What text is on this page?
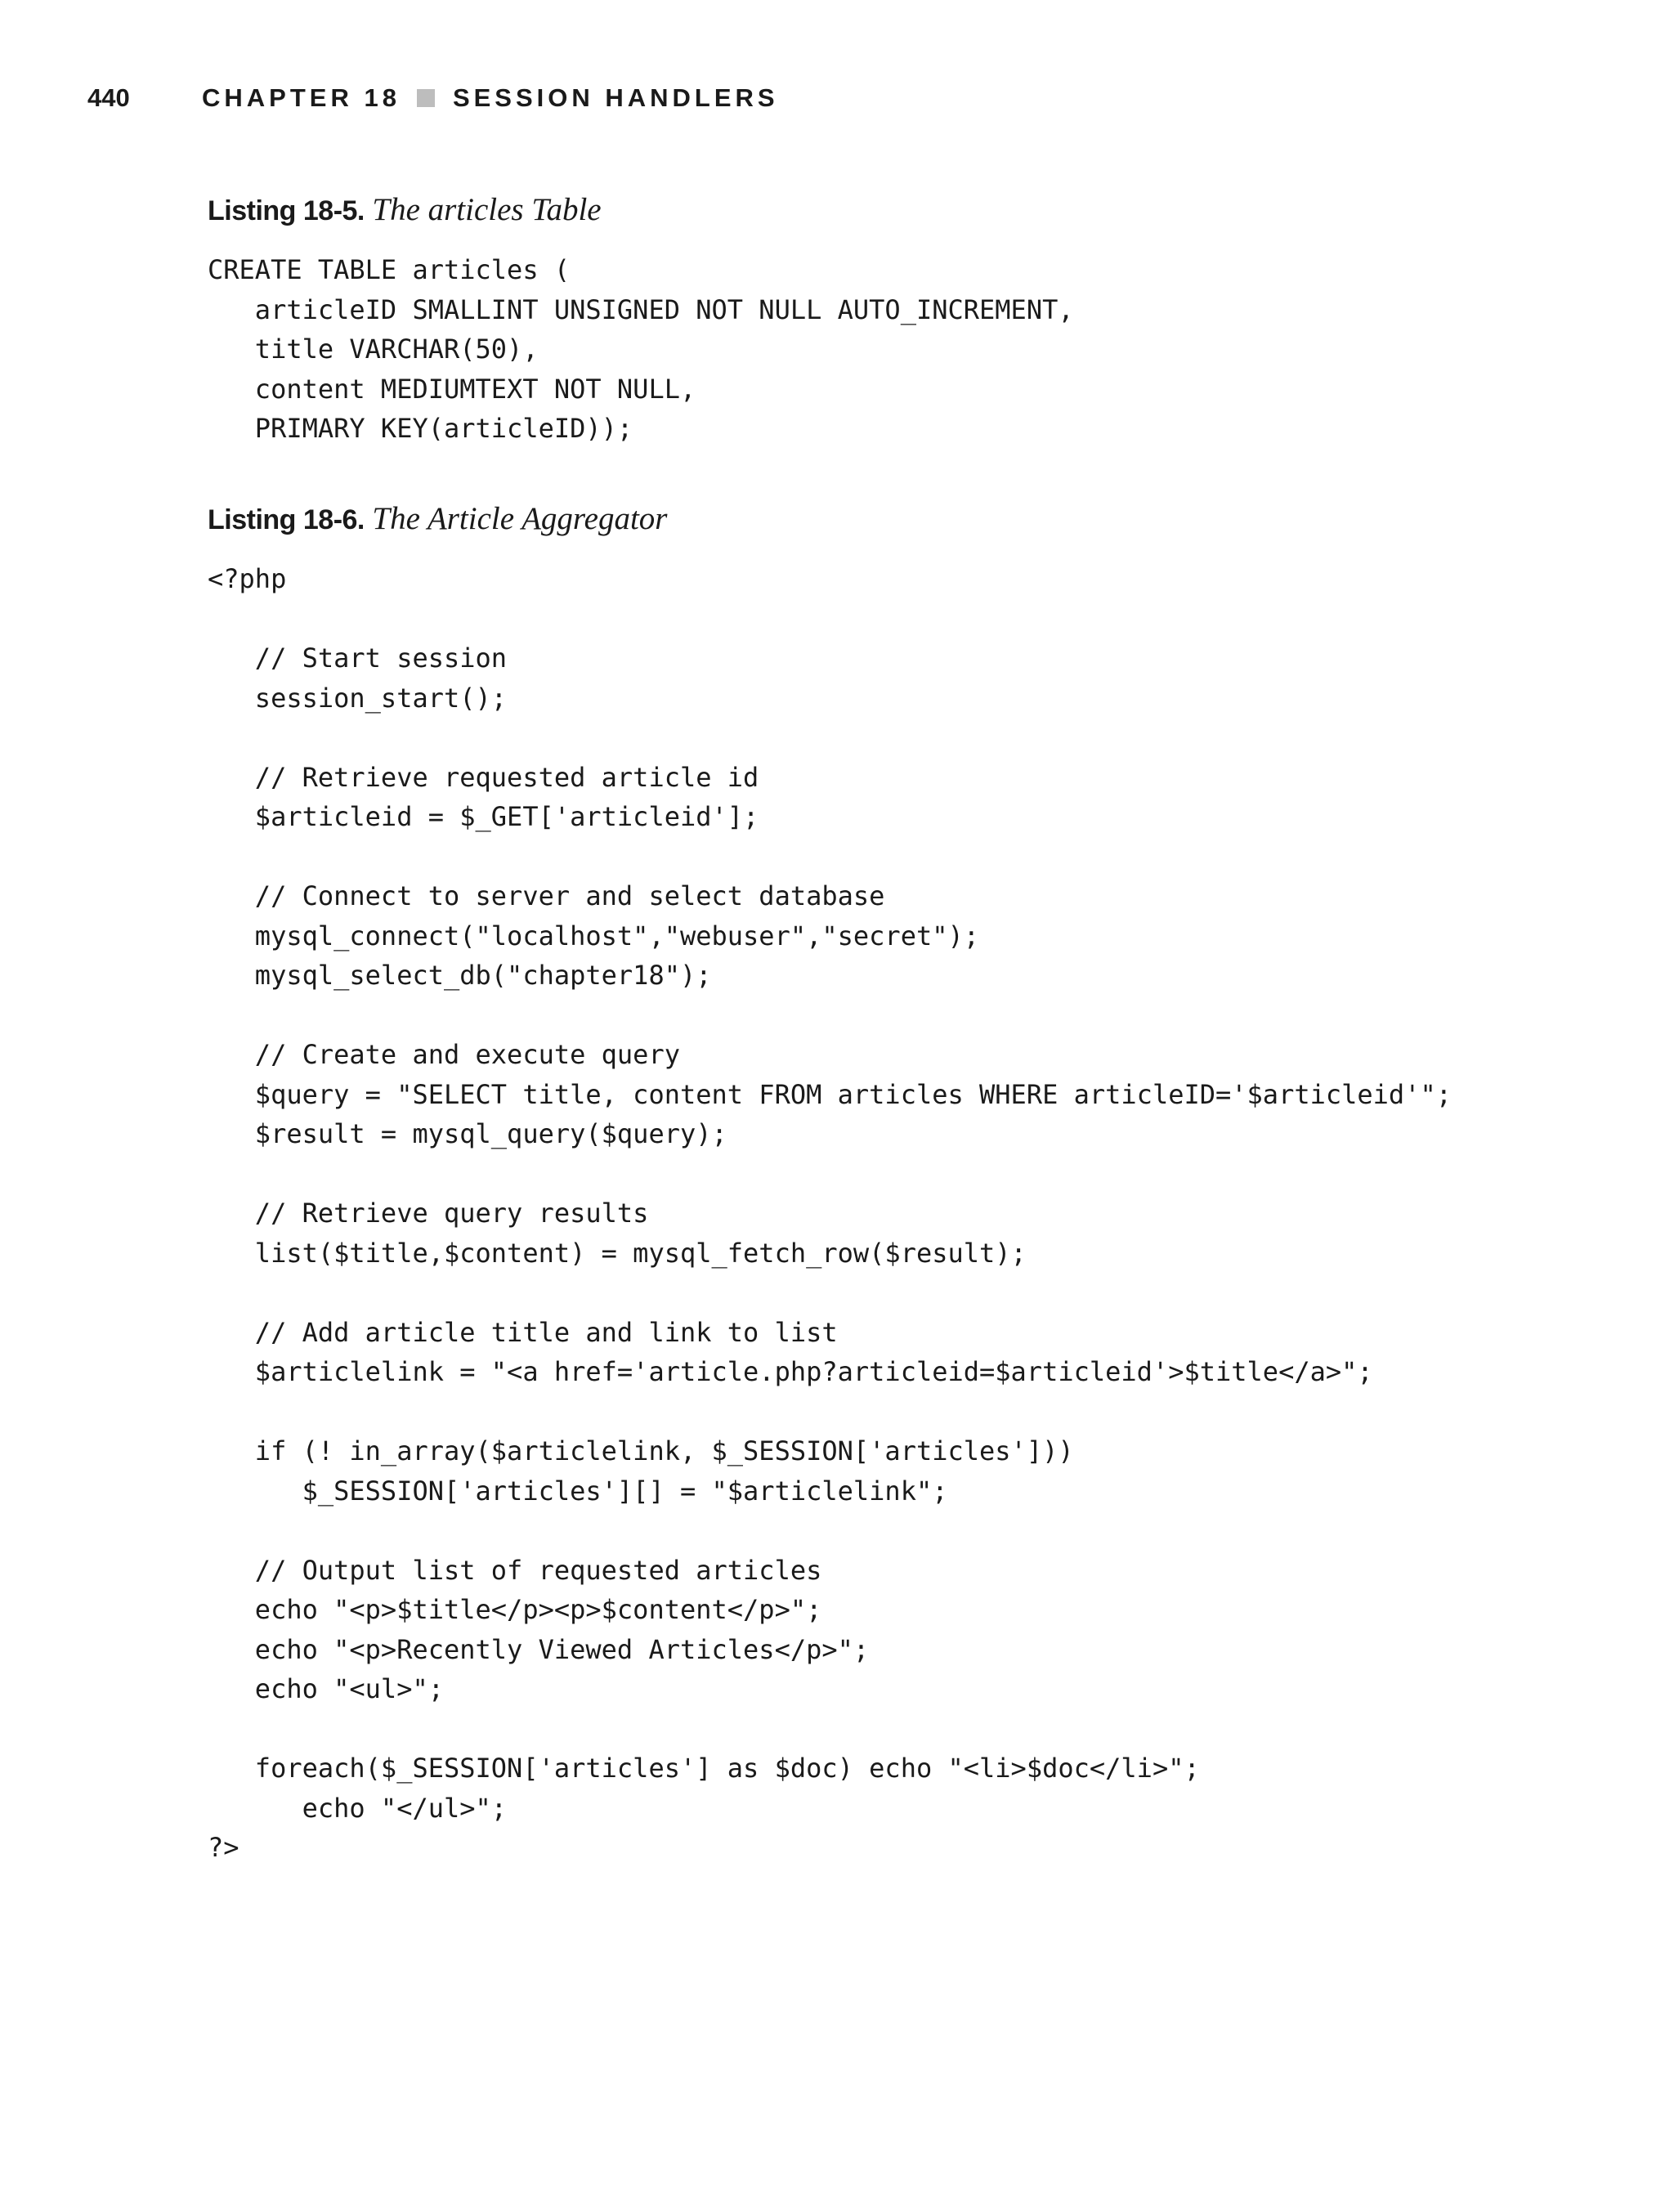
440	CHAPTER 18 SESSION HANDLERS
Listing 18-5. The articles Table
CREATE TABLE articles (
articleID SMALLINT UNSIGNED NOT NULL AUTO_INCREMENT,
title VARCHAR(50),
content MEDIUMTEXT NOT NULL,
PRIMARY KEY(articleID));
Listing 18-6. The Article Aggregator
<?php
// Start session
session_start();
// Retrieve requested article id
$articleid = $_GET['articleid'];
// Connect to server and select database
mysql_connect("localhost","webuser","secret");
mysql_select_db("chapter18");
// Create and execute query
$query = "SELECT title, content FROM articles WHERE articleID='$articleid'";
$result = mysql_query($query);
// Retrieve query results
list($title,$content) = mysql_fetch_row($result);
// Add article title and link to list
$articlelink = "<a href='article.php?articleid=$articleid'>$title</a>";
if (! in_array($articlelink, $_SESSION['articles']))
$_SESSION['articles'][] = "$articlelink";
// Output list of requested articles
echo "<p>$title</p><p>$content</p>";
echo "<p>Recently Viewed Articles</p>";
echo "<ul>";
foreach($_SESSION['articles'] as $doc) echo "<li>$doc</li>";
echo "</ul>";
?>
